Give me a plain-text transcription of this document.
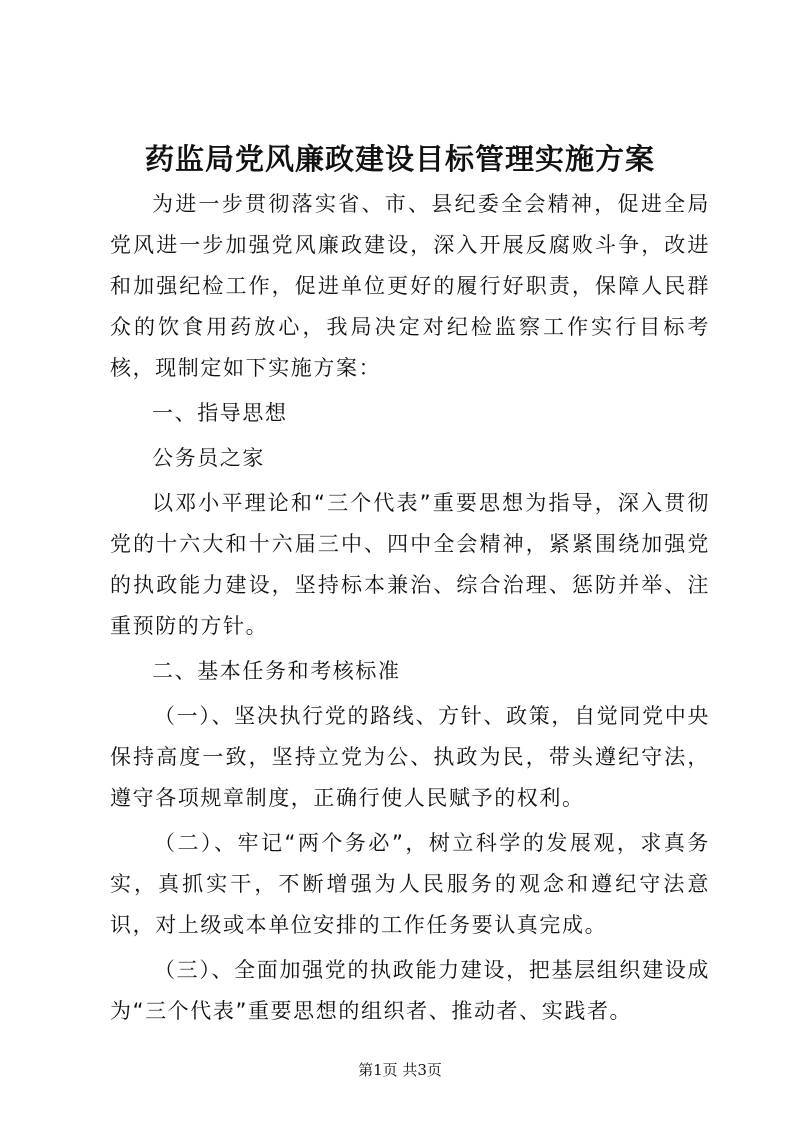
药监局党风廉政建设目标管理实施方案

为进一步贯彻落实省、市、县纪委全会精神，促进全局党风进一步加强党风廉政建设，深入开展反腐败斗争，改进和加强纪检工作，促进单位更好的履行好职责，保障人民群众的饮食用药放心，我局决定对纪检监察工作实行目标考核，现制定如下实施方案：

一、指导思想

公务员之家

以邓小平理论和“三个代表”重要思想为指导，深入贯彻党的十六大和十六届三中、四中全会精神，紧紧围绕加强党的执政能力建设，坚持标本兼治、综合治理、惩防并举、注重预防的方针。

二、基本任务和考核标准

（一）、坚决执行党的路线、方针、政策，自觉同党中央保持高度一致，坚持立党为公、执政为民，带头遵纪守法，遵守各项规章制度，正确行使人民赋予的权利。

（二）、牢记“两个务必”，树立科学的发展观，求真务实，真抓实干，不断增强为人民服务的观念和遵纪守法意识，对上级或本单位安排的工作任务要认真完成。

（三）、全面加强党的执政能力建设，把基层组织建设成为“三个代表”重要思想的组织者、推动者、实践者。

第1页 共3页
